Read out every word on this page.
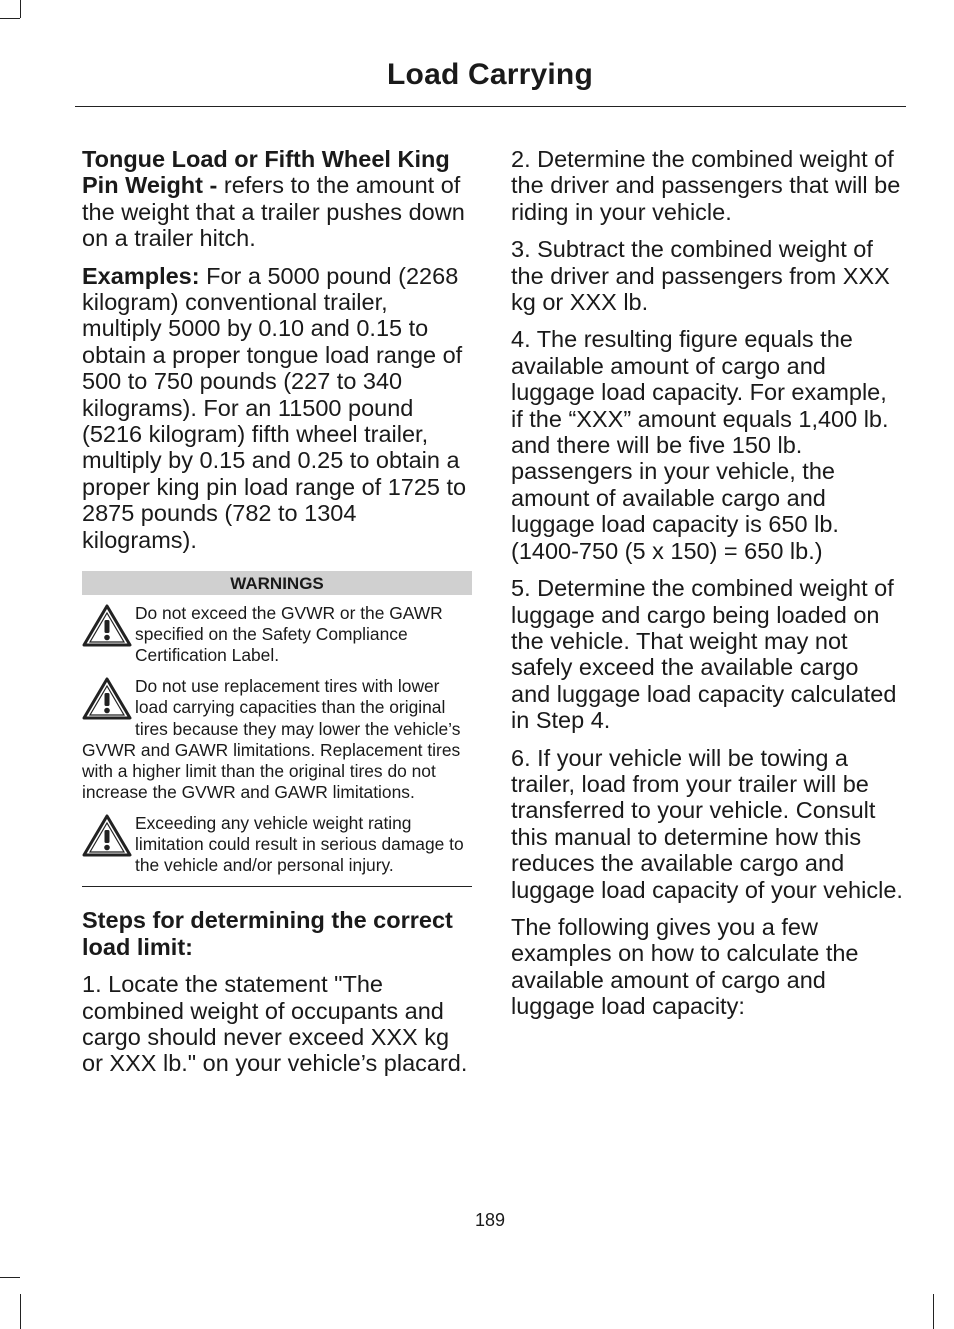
Load Carrying

Tongue Load or Fifth Wheel King Pin Weight - refers to the amount of the weight that a trailer pushes down on a trailer hitch.

Examples: For a 5000 pound (2268 kilogram) conventional trailer, multiply 5000 by 0.10 and 0.15 to obtain a proper tongue load range of 500 to 750 pounds (227 to 340 kilograms). For an 11500 pound (5216 kilogram) fifth wheel trailer, multiply by 0.15 and 0.25 to obtain a proper king pin load range of 1725 to 2875 pounds (782 to 1304 kilograms).

WARNINGS
Do not exceed the GVWR or the GAWR specified on the Safety Compliance Certification Label.
Do not use replacement tires with lower load carrying capacities than the original tires because they may lower the vehicle’s GVWR and GAWR limitations. Replacement tires with a higher limit than the original tires do not increase the GVWR and GAWR limitations.
Exceeding any vehicle weight rating limitation could result in serious damage to the vehicle and/or personal injury.
Steps for determining the correct load limit:

1. Locate the statement "The combined weight of occupants and cargo should never exceed XXX kg or XXX lb." on your vehicle’s placard.

2. Determine the combined weight of the driver and passengers that will be riding in your vehicle.

3. Subtract the combined weight of the driver and passengers from XXX kg or XXX lb.

4. The resulting figure equals the available amount of cargo and luggage load capacity. For example, if the “XXX” amount equals 1,400 lb. and there will be five 150 lb. passengers in your vehicle, the amount of available cargo and luggage load capacity is 650 lb. (1400-750 (5 x 150) = 650 lb.)

5. Determine the combined weight of luggage and cargo being loaded on the vehicle. That weight may not safely exceed the available cargo and luggage load capacity calculated in Step 4.

6. If your vehicle will be towing a trailer, load from your trailer will be transferred to your vehicle. Consult this manual to determine how this reduces the available cargo and luggage load capacity of your vehicle.

The following gives you a few examples on how to calculate the available amount of cargo and luggage load capacity:

189
